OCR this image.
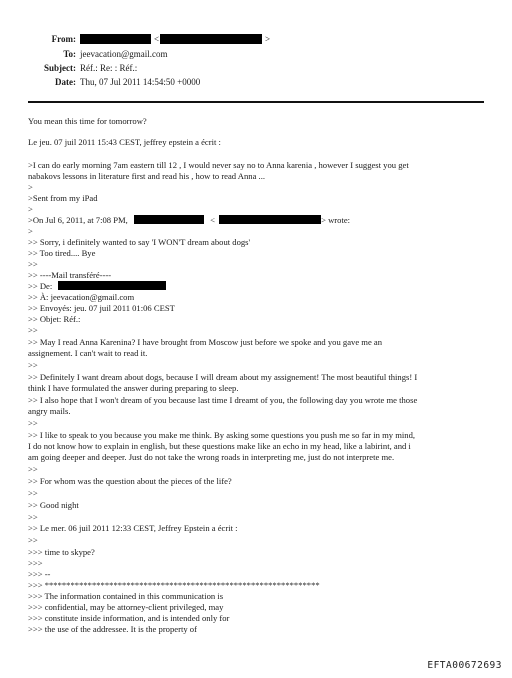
From:	<	>
To: jeevacation@gmail.com
Subject: Réf.: Re: : Réf.:
Date: Thu, 07 Jul 2011 14:54:50 +0000
You mean this time for tomorrow?
Le jeu. 07 juil 2011 15:43 CEST, jeffrey epstein a écrit :
>I can do early morning 7am eastern till 12 , I would never say no to Anna karenia , however I suggest you get
nabakovs lessons in literature first and read his , how to read Anna ...
>
>Sent from my iPad
>
>On Jul 6, 2011, at 7:08 PM,	<	> wrote:
>
>> Sorry, i definitely wanted to say 'I WON'T dream about dogs'
>> Too tired.... Bye
>>
>> ----Mail transféré----
>> De:
>> À: jeevacation@gmail.com
>> Envoyés: jeu. 07 juil 2011 01:06 CEST
>> Objet: Réf.:
>>
>> May I read Anna Karenina? I have brought from Moscow just before we spoke and you gave me an
assignement. I can't wait to read it.
>>
>> Definitely I want dream about dogs, because I will dream about my assignement! The most beautiful things! I
think I have formulated the answer during preparing to sleep.
>> I also hope that I won't dream of you because last time I dreamt of you, the following day you wrote me those
angry mails.
>>
>> I like to speak to you because you make me think. By asking some questions you push me so far in my mind,
I do not know how to explain in english, but these questions make like an echo in my head, like a labirint, and i
am going deeper and deeper. Just do not take the wrong roads in interpreting me, just do not interprete me.
>>
>> For whom was the question about the pieces of the life?
>>
>> Good night
>>
>> Le mer. 06 juil 2011 12:33 CEST, Jeffrey Epstein a écrit :
>>
>>> time to skype?
>>>
>>> --
>>> ****************************************************************
>>> The information contained in this communication is
>>> confidential, may be attorney-client privileged, may
>>> constitute inside information, and is intended only for
>>> the use of the addressee. It is the property of
EFTA00672693
